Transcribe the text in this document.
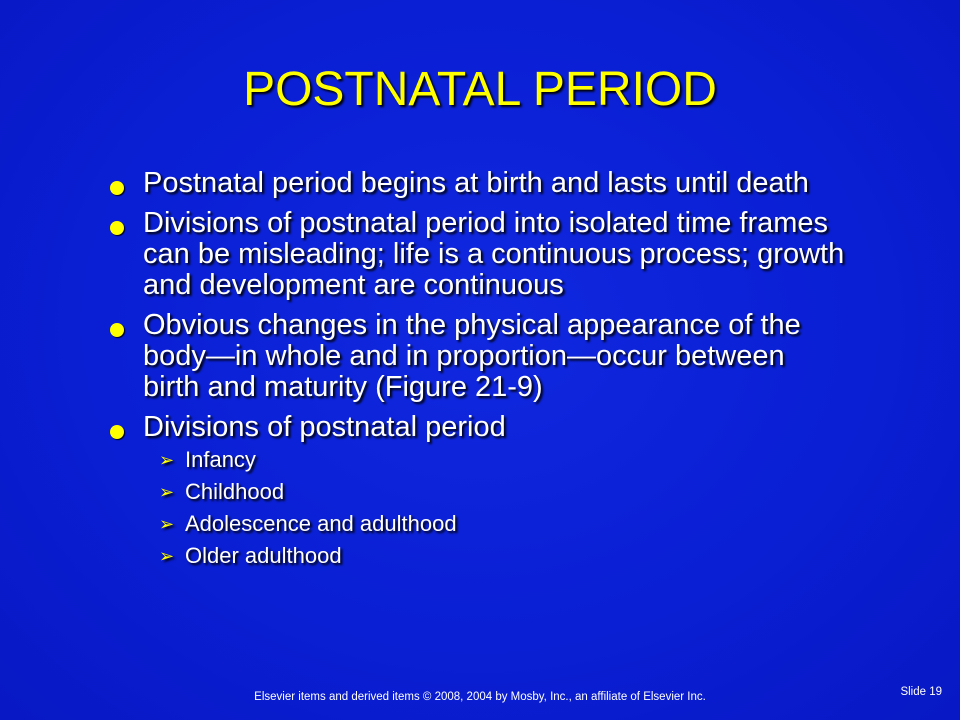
POSTNATAL PERIOD
Postnatal period begins at birth and lasts until death
Divisions of postnatal period into isolated time frames can be misleading; life is a continuous process; growth and development are continuous
Obvious changes in the physical appearance of the body—in whole and in proportion—occur between birth and maturity (Figure 21-9)
Divisions of postnatal period
➢ Infancy
➢ Childhood
➢ Adolescence and adulthood
➢ Older adulthood
Elsevier items and derived items © 2008, 2004 by Mosby, Inc., an affiliate of Elsevier Inc.	Slide 19
